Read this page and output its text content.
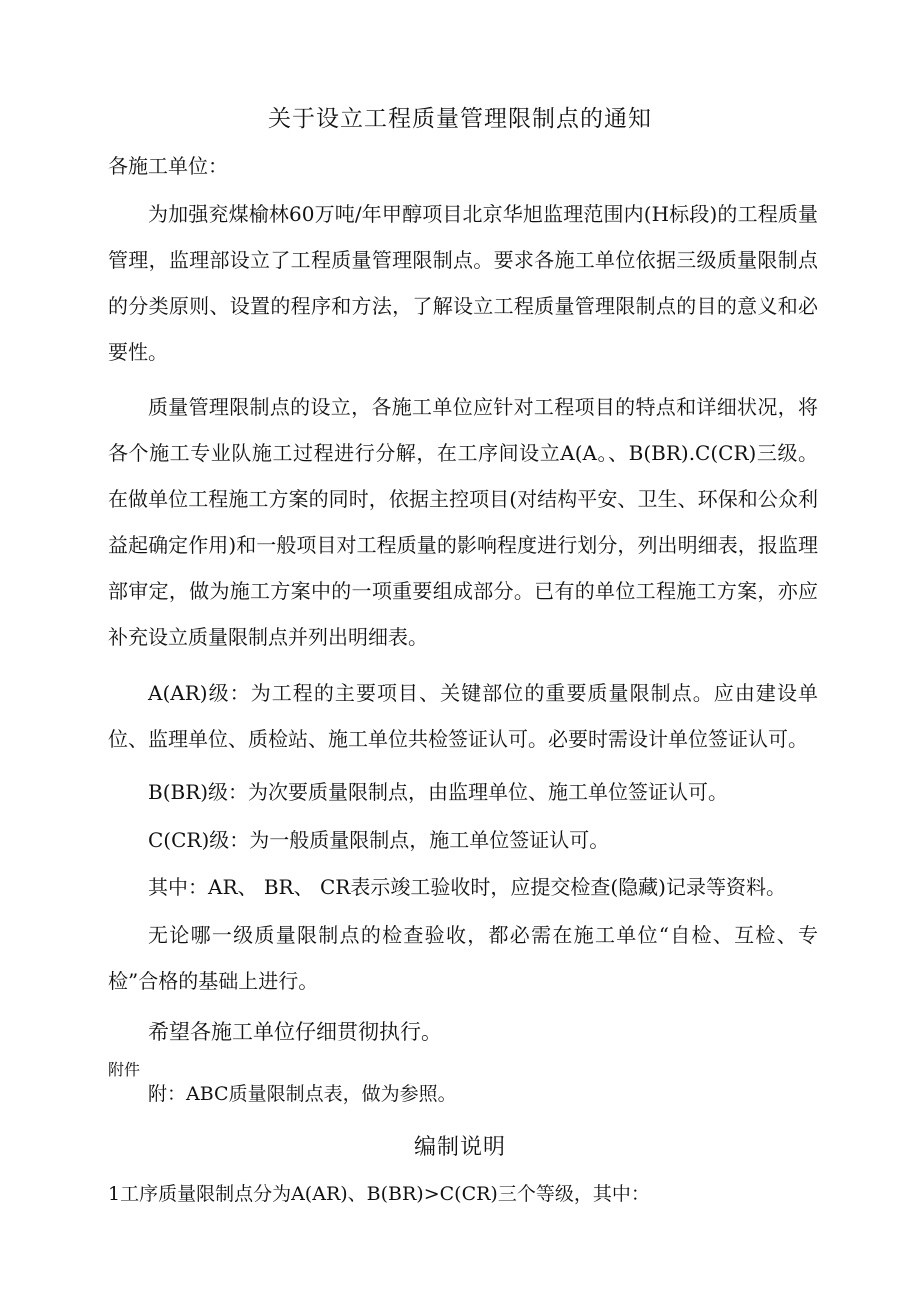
关于设立工程质量管理限制点的通知
各施工单位：
为加强兖煤榆林60万吨/年甲醇项目北京华旭监理范围内(H标段)的工程质量管理，监理部设立了工程质量管理限制点。要求各施工单位依据三级质量限制点的分类原则、设置的程序和方法，了解设立工程质量管理限制点的目的意义和必要性。
质量管理限制点的设立，各施工单位应针对工程项目的特点和详细状况，将各个施工专业队施工过程进行分解，在工序间设立A(A。、B(BR).C(CR)三级。在做单位工程施工方案的同时，依据主控项目(对结构平安、卫生、环保和公众利益起确定作用)和一般项目对工程质量的影响程度进行划分，列出明细表，报监理部审定，做为施工方案中的一项重要组成部分。已有的单位工程施工方案，亦应补充设立质量限制点并列出明细表。
A(AR)级：为工程的主要项目、关键部位的重要质量限制点。应由建设单位、监理单位、质检站、施工单位共检签证认可。必要时需设计单位签证认可。
B(BR)级：为次要质量限制点，由监理单位、施工单位签证认可。
C(CR)级：为一般质量限制点，施工单位签证认可。
其中：AR、 BR、 CR表示竣工验收时，应提交检查(隐藏)记录等资料。
无论哪一级质量限制点的检查验收，都必需在施工单位“自检、互检、专检”合格的基础上进行。
希望各施工单位仔细贯彻执行。
附件
附：ABC质量限制点表，做为参照。
编制说明
1工序质量限制点分为A(AR)、B(BR)>C(CR)三个等级，其中：
